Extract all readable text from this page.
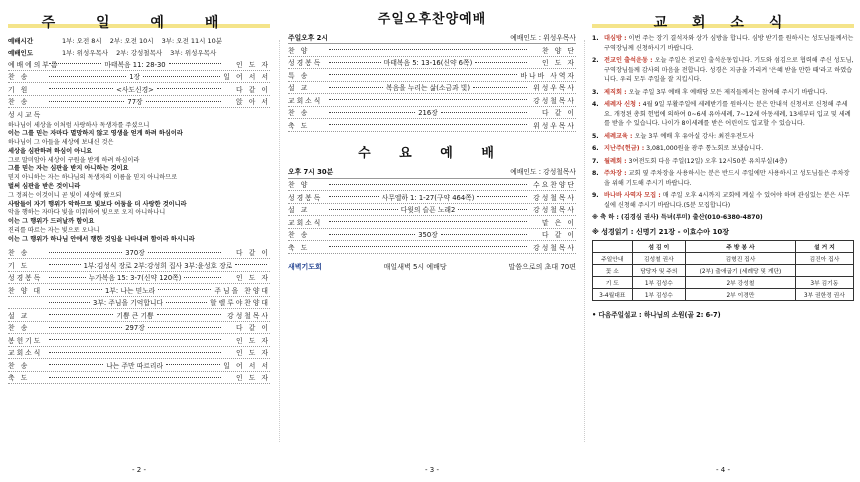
주 일 예 배
예배시간	1부: 오전 8시 2부: 오전 10시 3부: 오전 11시 10분
예배인도	1부: 위성우목사 2부: 강성철목사 3부: 위성우목사
예배에의부름	마태복음 11: 28-30	인 도 자
찬 송	1장	일 어 서 서
기 원	<사도신경>	다 같 이
찬 송	77장	앉 아 서
성시교독
하나님이 세상을 이처럼 사랑하사 독생자를 주셨으니
이는 그를 믿는 자마다 멸망하지 않고 영생을 얻게 하려 하심이라
하나님이 그 아들을 세상에 보내신 것은
세상을 심판하려 하심이 아니요
그로 말미암아 세상이 구원을 받게 하려 하심이라
그를 믿는 자는 심판을 받지 아니하는 것이요
믿지 아니하는 자는 하나님의 독생자의 이름을 믿지 아니하므로
벌써 심판을 받은 것이니라
그 정죄는 이것이니 곧 빛이 세상에 왔으되
사람들이 자기 행위가 악하므로 빛보다 어둠을 더 사랑한 것이니라
악을 행하는 자마다 빛을 미워하여 빛으로 오지 아니하나니
이는 그 행위가 드러날까 함이요
진리를 따르는 자는 빛으로 오나니
이는 그 행위가 하나님 안에서 행한 것임을 나타내려 함이라 하시니라
찬 송	370장	다 같 이
기 도	1부:김성식 장로 2부:강성희 집사 3부:윤성호 장로
성경봉독	누가복음 15: 3-7(신약 120쪽)	인 도 자
찬 양 대	1부: 나는 믿노라	주님을 찬양대
3부: 주님을 기억합니다	할렐루야찬양대
설 교	기쁨 큰 기쁨	강성철목사
찬 송	297장	다 같 이
봉헌기도	인 도 자
교회소식	인 도 자
찬 송	나는 주만 따르리라	일 어 서 서
축 도	인 도 자
- 2 -
주일오후찬양예배
주일오후 2시	예배인도 : 위성우목사
찬 양	찬 양 단
성경봉독	마태복음 5: 13-16(신약 6쪽)	인 도 자
특 송	바나바 사역자
설 교	복음을 누리는 삶(소금과 빛)	위성우목사
교회소식	강성철목사
찬 송	216장	다 같 이
축 도	위성우목사
수 요 예 배
오후 7시 30분	예배인도 : 강성철목사
찬 양	수요찬양단
성경봉독	사무엘하 1: 1-27(구약 464쪽)	강성철목사
설 교	다윗의 슬픈 노래2	강성철목사
교회소식	맡 은 이
찬 송	350장	다 같 이
축 도	강성철목사
새벽기도회	매일새벽 5시 예배당	말씀으로의 초대 70편
- 3 -
교 회 소 식
1. 대심방 : 이번 주는 장기 결석자와 상가 심방을 합니다. 심방 받기를 원하시는 성도님들께서는 구역장님께 신청하시기 바랍니다.
2. 전교인 출석운동 : 오늘 주일은 전교인 출석운동입니다. 기도와 섬김으로 협력해 주신 성도님, 구역장님들께 감사의 마음을 전합니다. 성경은 지금을 가리켜 '은혜 받을 만한 때'라고 하였습니다. 우리 모두 주일을 잘 지킵시다.
3. 제직회 : 오늘 주일 3부 예배 후 예배당 모든 제직들께서는 참여해 주시기 바랍니다.
4. 세례자 신청 : 4월 9일 부활주일에 세례받기를 원하시는 분은 안내석 신청서로 신청해 주세요. 개정된 총회 헌법에 의하여 0~6세 유아세례, 7~12세 아동세례, 13세부터 입교 및 세례를 받을 수 있습니다. 나이가 8이세례를 받은 어린이도 입교할 수 있습니다.
5. 세례교육 : 오늘 3부 예배 후 유아실 강사: 최진우전도사
6. 지난주(헌금) : 3,081,000원을 광주 통노회로 보냈습니다.
7. 월례회 : 3여전도회 다음 주일(12일) 오후 12시50분 유치부실(4층)
8. 주차장 : 교회 옆 주차장을 사용하시는 분은 반드시 주일에만 사용하시고 성도님들은 주차장을 위해 기도해 주시기 바랍니다.
9. 바나바 사역자 모집 : 매 주일 오후 4시까지 교회에 계실 수 있어야 하며 관심있는 분은 사무실에 신청해 주시기 바랍니다.(5분 모집합니다)
※ 축 하 : (김경심 권사) 득녀(루미) 출산(010-6380-4870)
※ 성경읽기 : 신명기 21장 - 이효수아 10장
	섬 김 이	주 방 봉 사	설 거 지
주일안내	김성철 권사	김형진 집사	김진아 집사
꽃 소	담당자 및 주의	(2부) 출애굽기 (세례당 및 게단)	
기 도	1부 김성수	2부 강성철	3부 김기동
3-4월대표	1부 김성수	2부 이경만	3부 권한정 권사
• 다음주일설교 : 하나님의 소원(골 2: 6-7)
- 4 -
